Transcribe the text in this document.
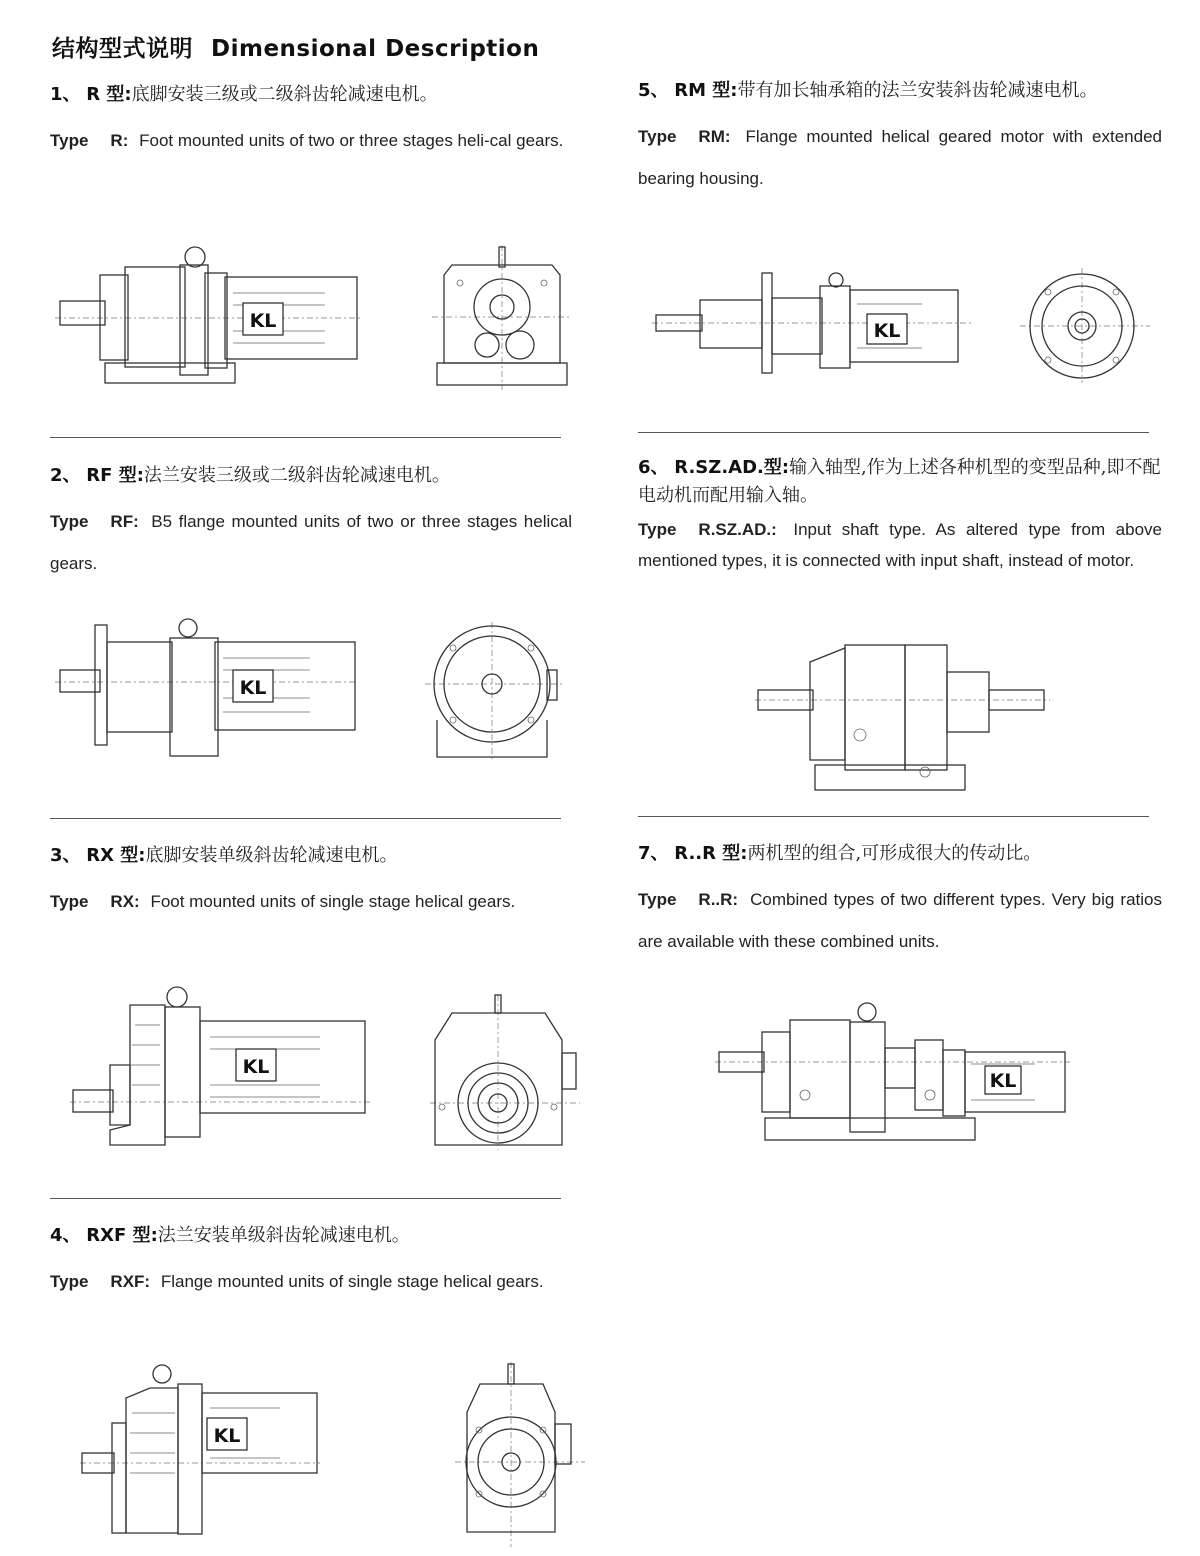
结构型式说明 Dimensional Description

1、 R 型:底脚安装三级或二级斜齿轮减速电机。

Type R: Foot mounted units of two or three stages heli-cal gears.

KL

2、 RF 型:法兰安装三级或二级斜齿轮减速电机。

Type RF: B5 flange mounted units of two or three stages helical gears.

KL

3、 RX 型:底脚安装单级斜齿轮减速电机。

Type RX: Foot mounted units of single stage helical gears.

KL

4、 RXF 型:法兰安装单级斜齿轮减速电机。

Type RXF: Flange mounted units of single stage helical gears.

KL

5、 RM 型:带有加长轴承箱的法兰安装斜齿轮减速电机。

Type RM: Flange mounted helical geared motor with extended bearing housing.

KL

6、 R.SZ.AD.型:输入轴型,作为上述各种机型的变型品种,即不配电动机而配用输入轴。

Type R.SZ.AD.: Input shaft type. As altered type from above mentioned types, it is connected with input shaft, instead of motor.

7、 R..R 型:两机型的组合,可形成很大的传动比。

Type R..R: Combined types of two different types. Very big ratios are available with these combined units.

KL
